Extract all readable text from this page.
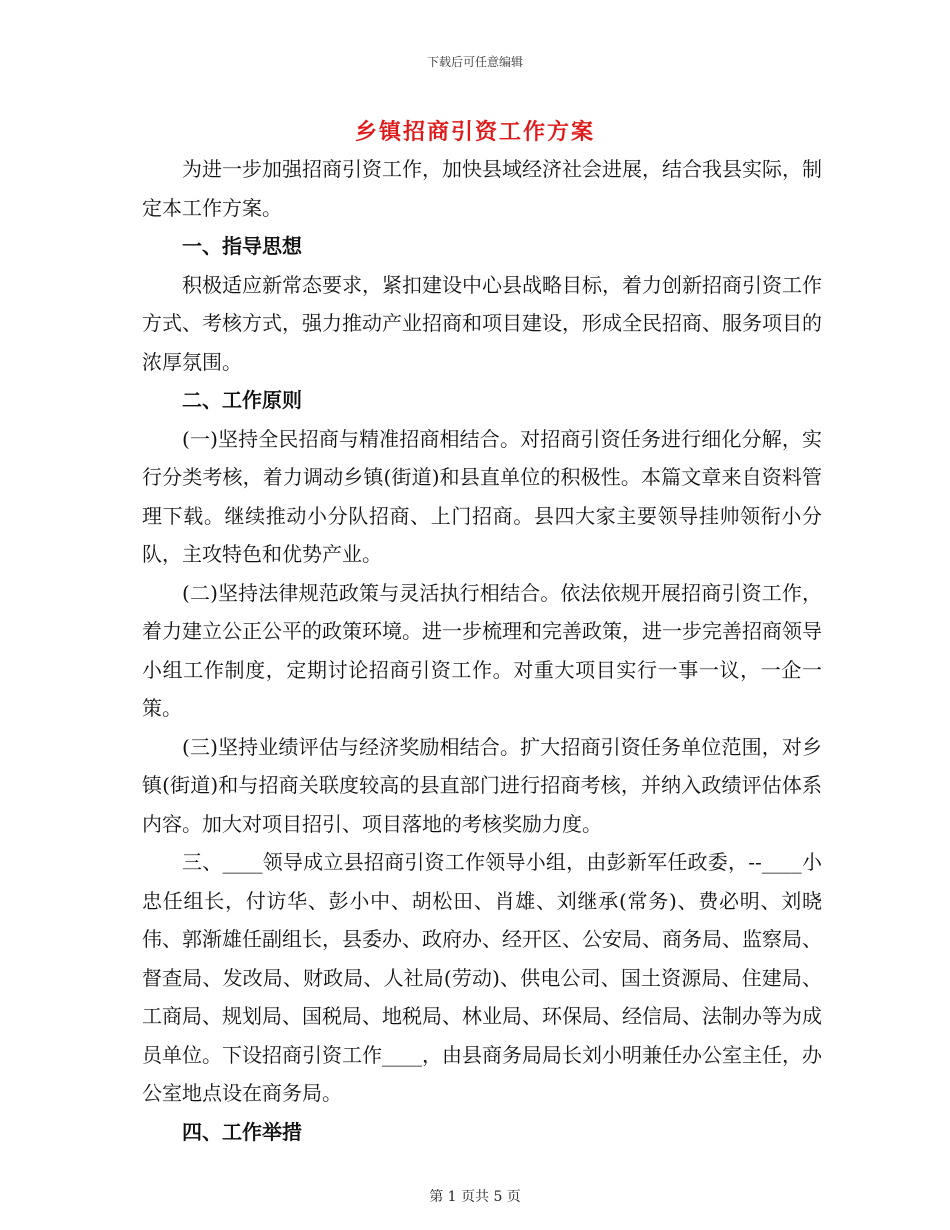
下载后可任意编辑
乡镇招商引资工作方案

为进一步加强招商引资工作，加快县域经济社会进展，结合我县实际，制定本工作方案。

一、指导思想

积极适应新常态要求，紧扣建设中心县战略目标，着力创新招商引资工作方式、考核方式，强力推动产业招商和项目建设，形成全民招商、服务项目的浓厚氛围。

二、工作原则

(一)坚持全民招商与精准招商相结合。对招商引资任务进行细化分解，实行分类考核，着力调动乡镇(街道)和县直单位的积极性。本篇文章来自资料管理下载。继续推动小分队招商、上门招商。县四大家主要领导挂帅领衔小分队，主攻特色和优势产业。

(二)坚持法律规范政策与灵活执行相结合。依法依规开展招商引资工作，着力建立公正公平的政策环境。进一步梳理和完善政策，进一步完善招商领导小组工作制度，定期讨论招商引资工作。对重大项目实行一事一议，一企一策。

(三)坚持业绩评估与经济奖励相结合。扩大招商引资任务单位范围，对乡镇(街道)和与招商关联度较高的县直部门进行招商考核，并纳入政绩评估体系内容。加大对项目招引、项目落地的考核奖励力度。

三、____领导成立县招商引资工作领导小组，由彭新军任政委，--____小忠任组长，付访华、彭小中、胡松田、肖雄、刘继承(常务)、费必明、刘晓伟、郭渐雄任副组长，县委办、政府办、经开区、公安局、商务局、监察局、督查局、发改局、财政局、人社局(劳动)、供电公司、国土资源局、住建局、工商局、规划局、国税局、地税局、林业局、环保局、经信局、法制办等为成员单位。下设招商引资工作____，由县商务局局长刘小明兼任办公室主任，办公室地点设在商务局。

四、工作举措

第 1 页共 5 页
